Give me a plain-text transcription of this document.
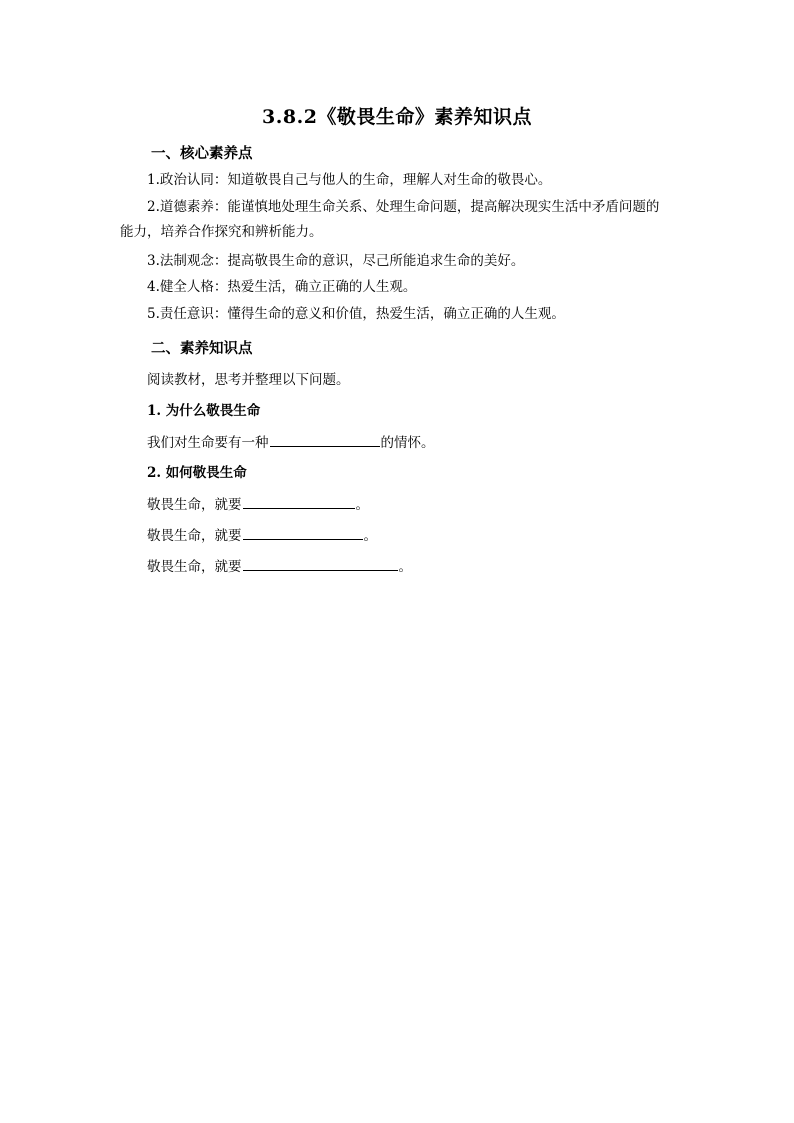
3.8.2《敬畏生命》素养知识点
一、核心素养点
1.政治认同：知道敬畏自己与他人的生命，理解人对生命的敬畏心。
2.道德素养：能谨慎地处理生命关系、处理生命问题，提高解决现实生活中矛盾问题的
能力，培养合作探究和辨析能力。
3.法制观念：提高敬畏生命的意识，尽己所能追求生命的美好。
4.健全人格：热爱生活，确立正确的人生观。
5.责任意识：懂得生命的意义和价值，热爱生活，确立正确的人生观。
二、素养知识点
阅读教材，思考并整理以下问题。
1. 为什么敬畏生命
我们对生命要有一种	的情怀。
2. 如何敬畏生命
敬畏生命，就要	。
敬畏生命，就要	。
敬畏生命，就要	。
